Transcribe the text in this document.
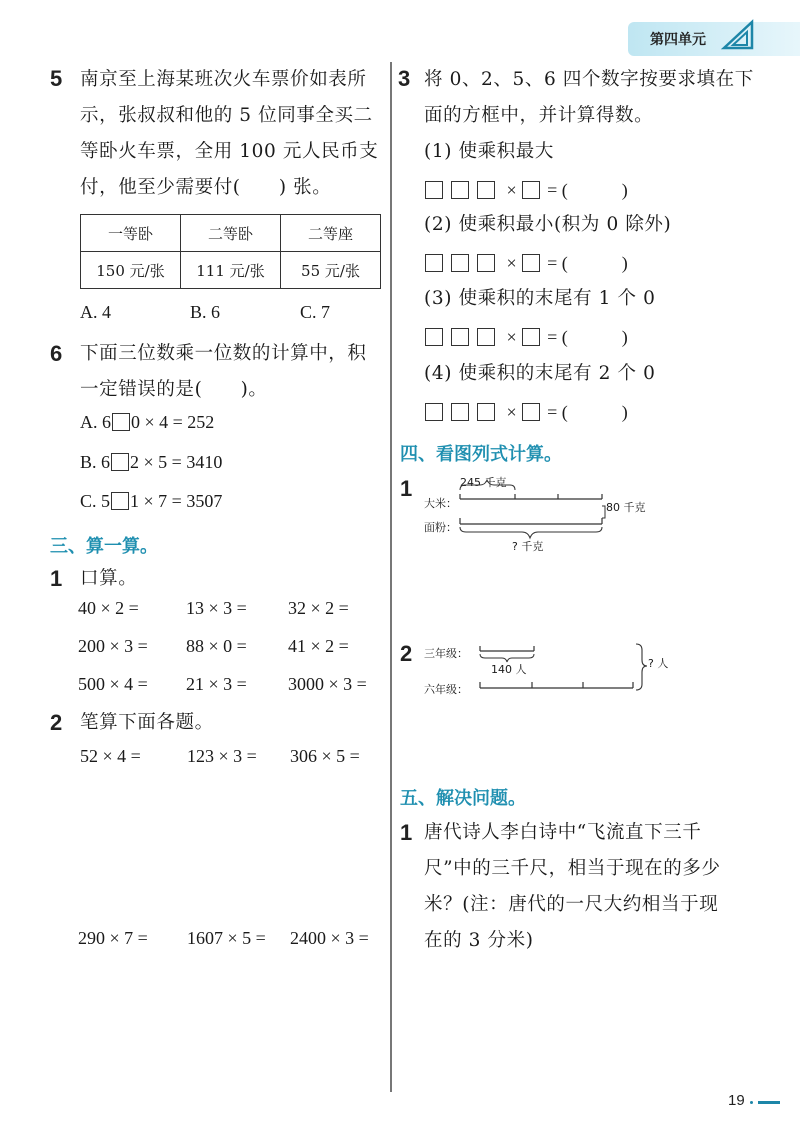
第四单元
5 南京至上海某班次火车票价如表所
示，张叔叔和他的 5 位同事全买二
等卧火车票，全用 100 元人民币支
付，他至少需要付(　　) 张。
一等卧	二等卧	二等座
150 元/张	111 元/张	55 元/张
A. 4	B. 6	C. 7
6 下面三位数乘一位数的计算中，积
一定错误的是(　　)。
A. 6 0 × 4 = 252
B. 6 2 × 5 = 3410
C. 5 1 × 7 = 3507
三、算一算。
1 口算。
40 × 2 =	13 × 3 = 32 × 2 =
200 × 3 = 88 × 0 = 41 × 2 =
500 × 4 = 21 × 3 = 3000 × 3 =
2 笔算下面各题。
52 × 4 =	123 × 3 = 306 × 5 =
290 × 7 = 1607 × 5 = 2400 × 3 =
3 将 0、2、5、6 四个数字按要求填在下
面的方框中，并计算得数。
(1) 使乘积最大
× = (　　　)
(2) 使乘积最小(积为 0 除外)
× = (　　　)
(3) 使乘积的末尾有 1 个 0
× = (　　　)
(4) 使乘积的末尾有 2 个 0
× = (　　　)
四、看图列式计算。
1
大米：
面粉：
245 千克
80 千克
? 千克
2 三年级：
六年级：
140 人	? 人
五、解决问题。
1 唐代诗人李白诗中“飞流直下三千
尺”中的三千尺，相当于现在的多少
米？(注：唐代的一尺大约相当于现
在的 3 分米)
19
